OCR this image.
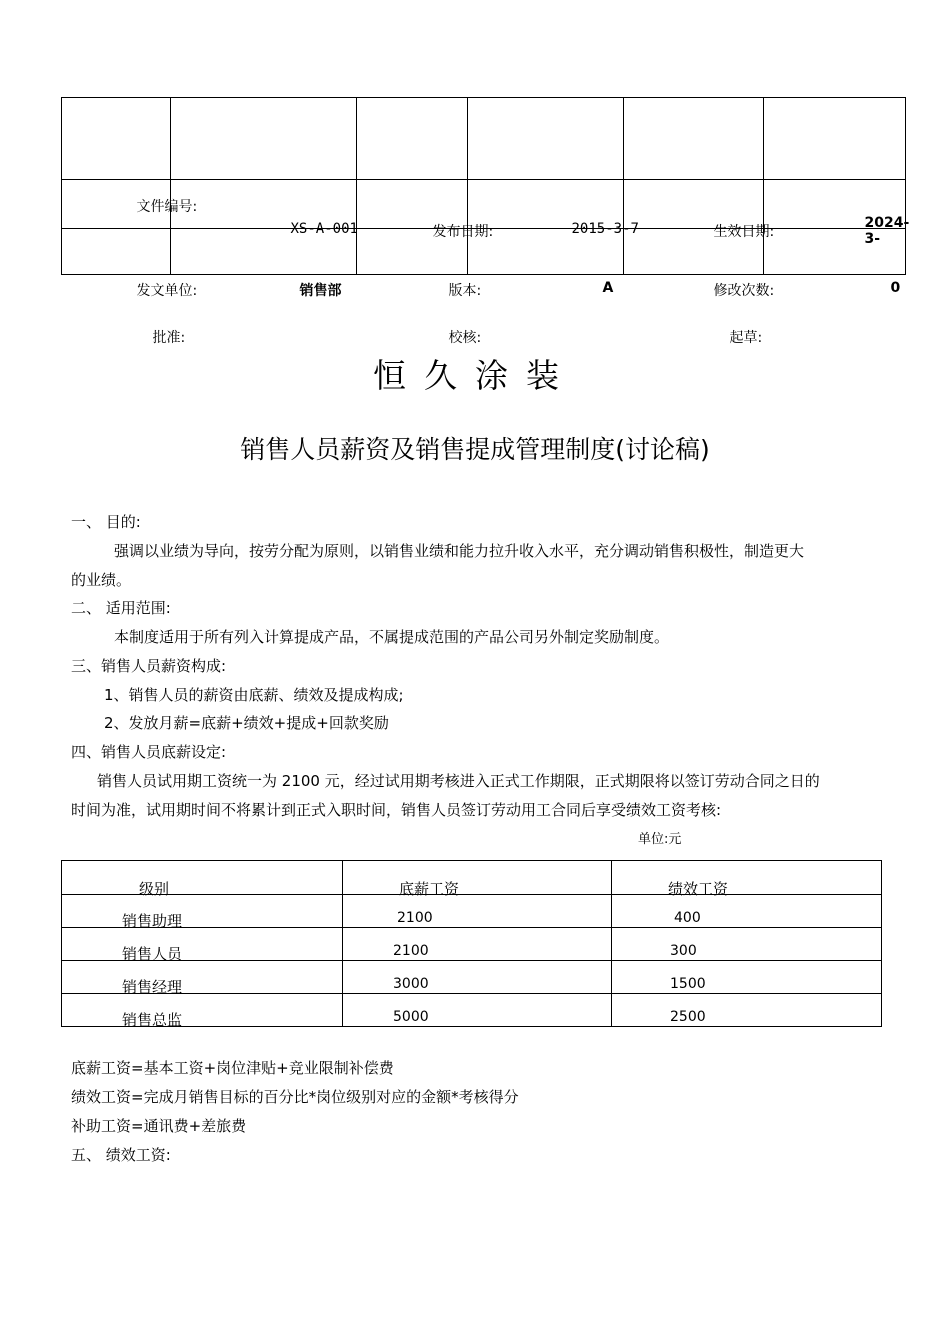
文件编号:	XS-A-001	发布日期:	2015-3-7	生效日期:	2024-3-

发文单位:	销售部	版本:	A	修改次数:	0

批准:		校核:		起草:	

恒久涂装
销售人员薪资及销售提成管理制度(讨论稿)
一、 目的:
强调以业绩为导向，按劳分配为原则，以销售业绩和能力拉升收入水平，充分调动销售积极性，制造更大
的业绩。
二、 适用范围:
本制度适用于所有列入计算提成产品，不属提成范围的产品公司另外制定奖励制度。
三、销售人员薪资构成:
1、销售人员的薪资由底薪、绩效及提成构成;
2、发放月薪=底薪+绩效+提成+回款奖励
四、销售人员底薪设定:
销售人员试用期工资统一为 2100 元，经过试用期考核进入正式工作期限，正式期限将以签订劳动合同之日的
时间为准，试用期时间不将累计到正式入职时间，销售人员签订劳动用工合同后享受绩效工资考核:
单位:元
级别	底薪工资	绩效工资

销售助理	2100	400

销售人员	2100	300

销售经理	3000	1500

销售总监	5000	2500
底薪工资=基本工资+岗位津贴+竞业限制补偿费
绩效工资=完成月销售目标的百分比*岗位级别对应的金额*考核得分
补助工资=通讯费+差旅费
五、 绩效工资:
